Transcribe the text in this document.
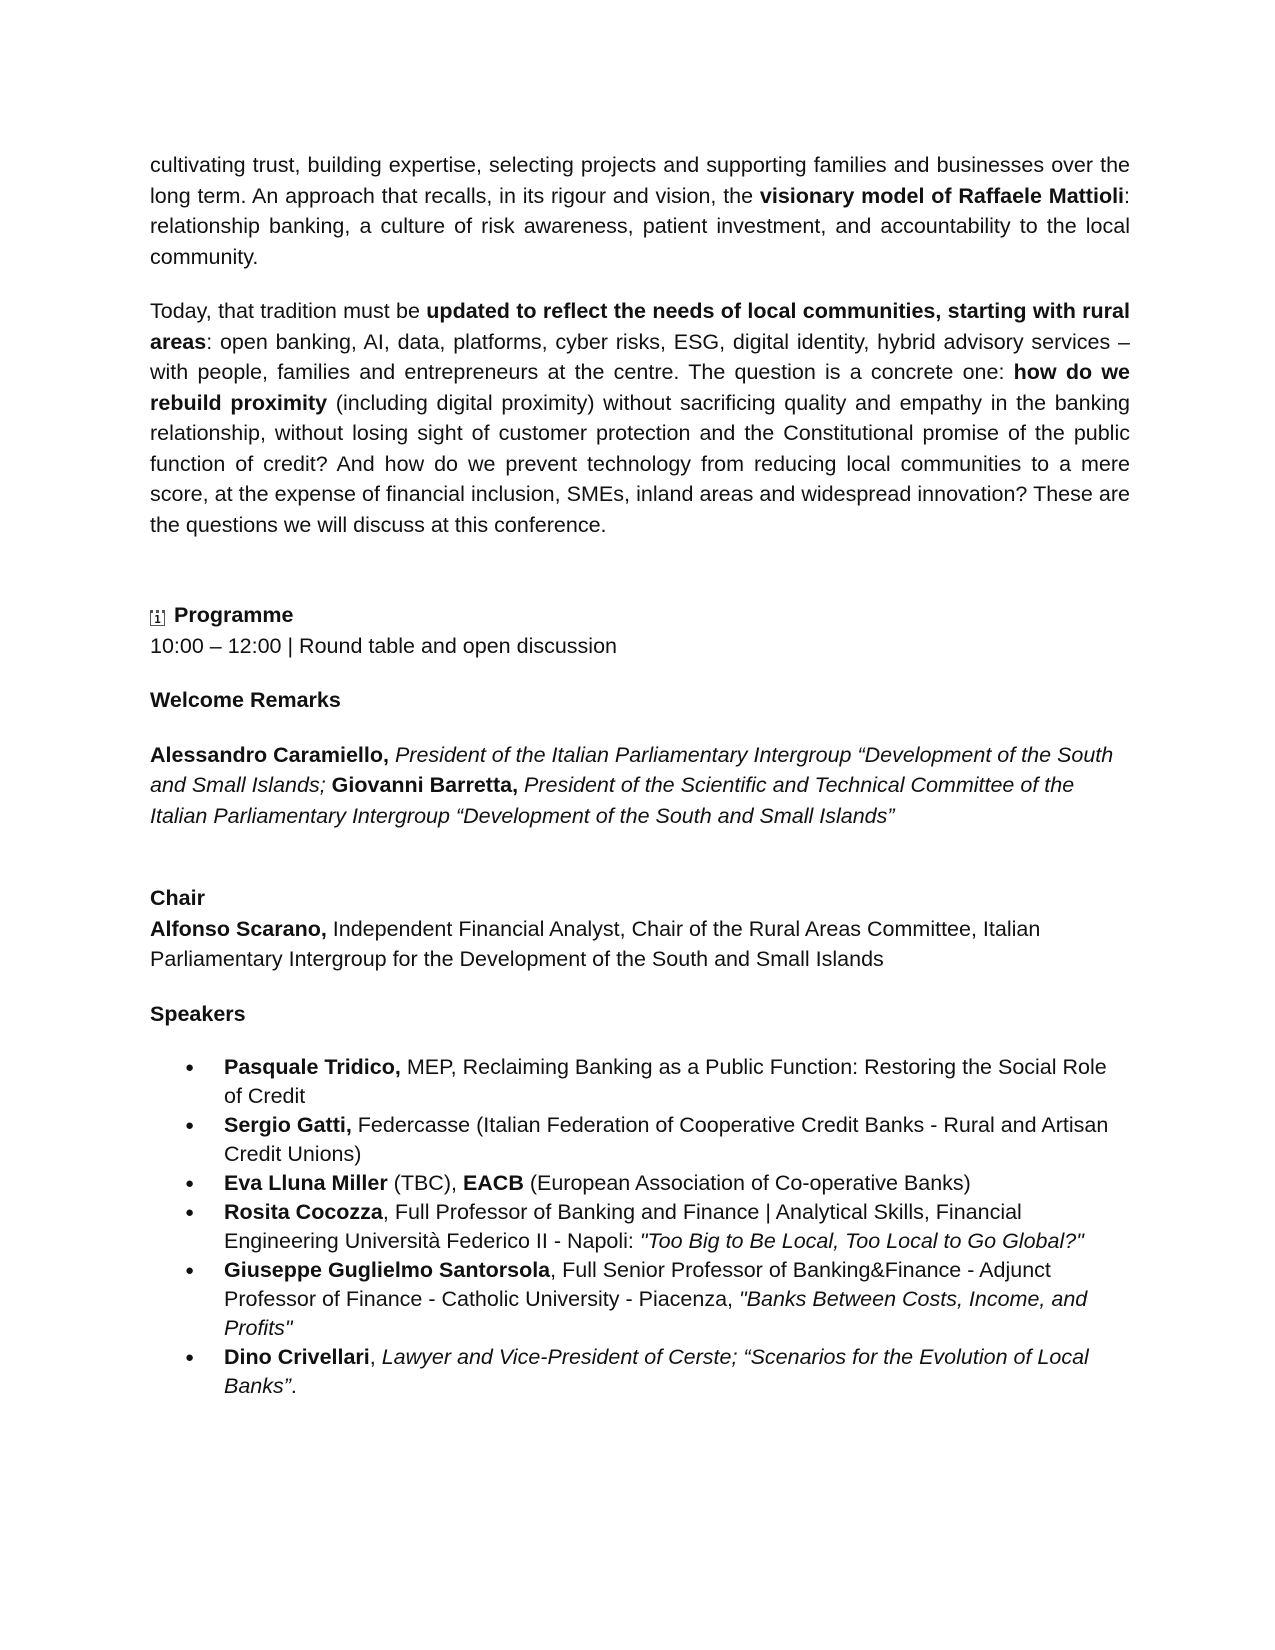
cultivating trust, building expertise, selecting projects and supporting families and businesses over the long term. An approach that recalls, in its rigour and vision, the visionary model of Raffaele Mattioli: relationship banking, a culture of risk awareness, patient investment, and accountability to the local community.

Today, that tradition must be updated to reflect the needs of local communities, starting with rural areas: open banking, AI, data, platforms, cyber risks, ESG, digital identity, hybrid advisory services – with people, families and entrepreneurs at the centre. The question is a concrete one: how do we rebuild proximity (including digital proximity) without sacrificing quality and empathy in the banking relationship, without losing sight of customer protection and the Constitutional promise of the public function of credit? And how do we prevent technology from reducing local communities to a mere score, at the expense of financial inclusion, SMEs, inland areas and widespread innovation? These are the questions we will discuss at this conference.

1 Programme

10:00 – 12:00 | Round table and open discussion

Welcome Remarks

Alessandro Caramiello, President of the Italian Parliamentary Intergroup “Development of the South and Small Islands; Giovanni Barretta, President of the Scientific and Technical Committee of the Italian Parliamentary Intergroup “Development of the South and Small Islands”

Chair

Alfonso Scarano, Independent Financial Analyst, Chair of the Rural Areas Committee, Italian Parliamentary Intergroup for the Development of the South and Small Islands

Speakers

● Pasquale Tridico, MEP, Reclaiming Banking as a Public Function: Restoring the Social Role of Credit
● Sergio Gatti, Federcasse (Italian Federation of Cooperative Credit Banks - Rural and Artisan Credit Unions)
● Eva Lluna Miller (TBC), EACB (European Association of Co-operative Banks)
● Rosita Cocozza, Full Professor of Banking and Finance | Analytical Skills, Financial Engineering Università Federico II - Napoli: "Too Big to Be Local, Too Local to Go Global?"
● Giuseppe Guglielmo Santorsola, Full Senior Professor of Banking&Finance - Adjunct Professor of Finance - Catholic University - Piacenza, "Banks Between Costs, Income, and Profits"
● Dino Crivellari, Lawyer and Vice-President of Cerste; “Scenarios for the Evolution of Local Banks”.
